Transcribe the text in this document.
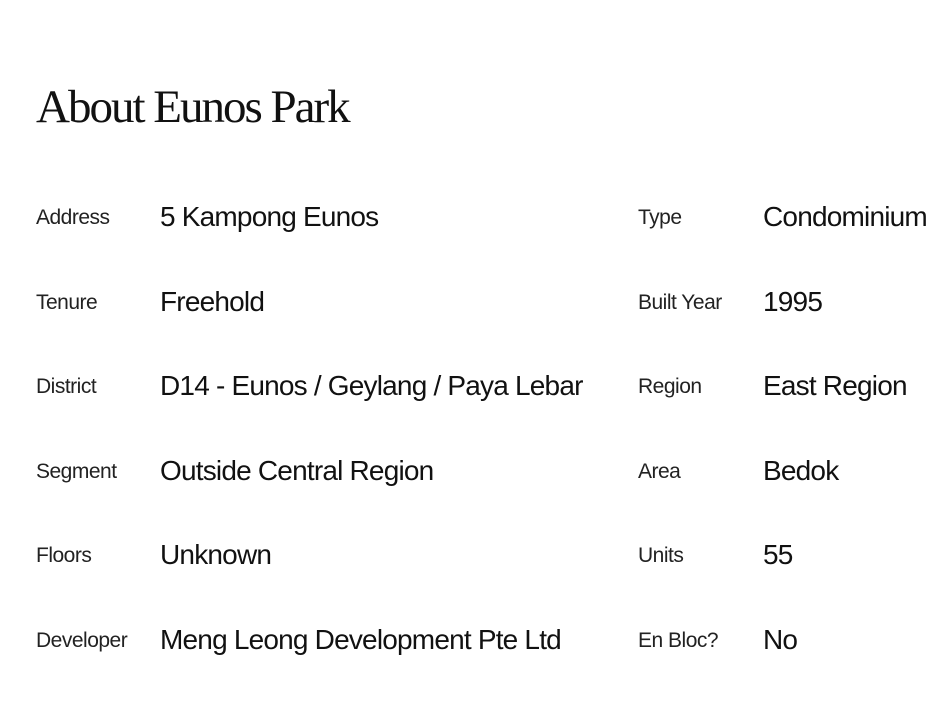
About Eunos Park
Address 5 Kampong Eunos	Type	Condominium
Tenure Freehold	Built Year 1995
District D14 - Eunos / Geylang / Paya Lebar	Region East Region
Segment Outside Central Region	Area	Bedok
Floors Unknown	Units	55
Developer Meng Leong Development Pte Ltd	En Bloc? No
